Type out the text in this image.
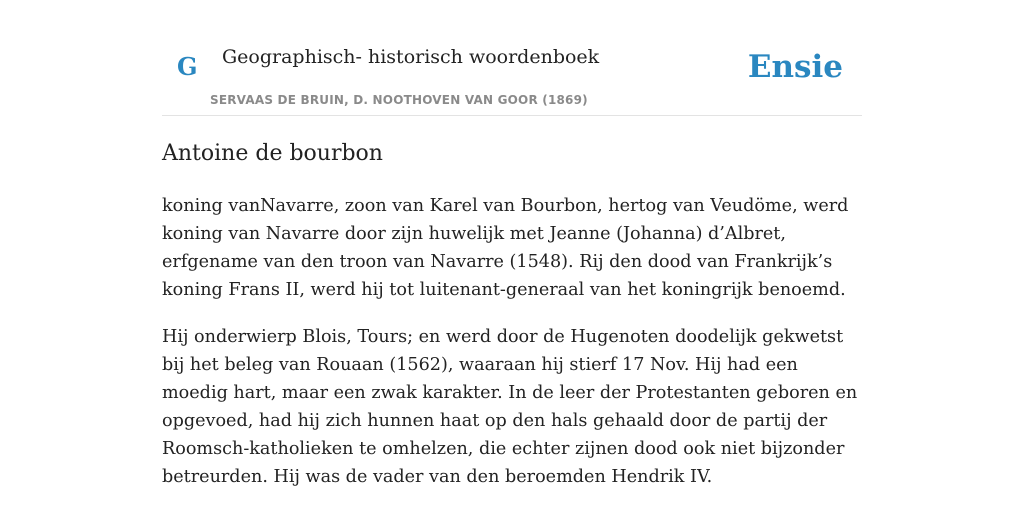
G Geographisch- historisch woordenboek
SERVAAS DE BRUIN, D. NOOTHOVEN VAN GOOR (1869)
Ensie
Antoine de bourbon

koning vanNavarre, zoon van Karel van Bourbon, hertog van Veudöme, werd koning van Navarre door zijn huwelijk met Jeanne (Johanna) d’Albret, erfgename van den troon van Navarre (1548). Rij den dood van Frankrijk’s koning Frans II, werd hij tot luitenant-generaal van het koningrijk benoemd.

Hij onderwierp Blois, Tours; en werd door de Hugenoten doodelijk gekwetst bij het beleg van Rouaan (1562), waaraan hij stierf 17 Nov. Hij had een moedig hart, maar een zwak karakter. In de leer der Protestanten geboren en opgevoed, had hij zich hunnen haat op den hals gehaald door de partij der Roomsch-katholieken te omhelzen, die echter zijnen dood ook niet bijzonder betreurden. Hij was de vader van den beroemden Hendrik IV.
